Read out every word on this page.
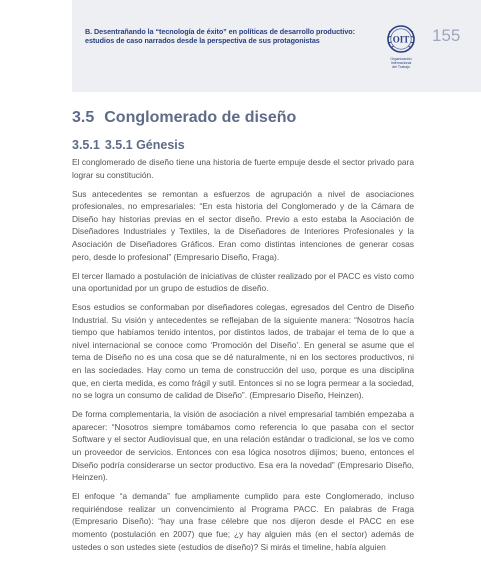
B. Desentrañando la “tecnología de éxito” en políticas de desarrollo productivo:
estudios de caso narrados desde la perspectiva de sus protagonistas	OIT
Organización
Internacional
del Trabajo
155
3.5 Conglomerado de diseño
3.5.1 3.5.1 Génesis

El conglomerado de diseño tiene una historia de fuerte empuje desde el sector privado para lograr su constitución.

Sus antecedentes se remontan a esfuerzos de agrupación a nivel de asociaciones profesionales, no empresariales: “En esta historia del Conglomerado y de la Cámara de Diseño hay historias previas en el sector diseño. Previo a esto estaba la Asociación de Diseñadores Industriales y Textiles, la de Diseñadores de Interiores Profesionales y la Asociación de Diseñadores Gráficos. Eran como distintas intenciones de generar cosas pero, desde lo profesional” (Empresario Diseño, Fraga).

El tercer llamado a postulación de iniciativas de clúster realizado por el PACC es visto como una oportunidad por un grupo de estudios de diseño.

Esos estudios se conformaban por diseñadores colegas, egresados del Centro de Diseño Industrial. Su visión y antecedentes se reflejaban de la siguiente manera: “Nosotros hacía tiempo que habíamos tenido intentos, por distintos lados, de trabajar el tema de lo que a nivel internacional se conoce como ‘Promoción del Diseño’. En general se asume que el tema de Diseño no es una cosa que se dé naturalmente, ni en los sectores productivos, ni en las sociedades. Hay como un tema de construcción del uso, porque es una disciplina que, en cierta medida, es como frágil y sutil. Entonces si no se logra permear a la sociedad, no se logra un consumo de calidad de Diseño”. (Empresario Diseño, Heinzen).

De forma complementaria, la visión de asociación a nivel empresarial también empezaba a aparecer: “Nosotros siempre tomábamos como referencia lo que pasaba con el sector Software y el sector Audiovisual que, en una relación estándar o tradicional, se los ve como un proveedor de servicios. Entonces con esa lógica nosotros dijimos; bueno, entonces el Diseño podría considerarse un sector productivo. Esa era la novedad” (Empresario Diseño, Heinzen).

El enfoque “a demanda” fue ampliamente cumplido para este Conglomerado, incluso requiriéndose realizar un convencimiento al Programa PACC. En palabras de Fraga (Empresario Diseño): “hay una frase célebre que nos dijeron desde el PACC en ese momento (postulación en 2007) que fue; ¿y hay alguien más (en el sector) además de ustedes o son ustedes siete (estudios de diseño)? Si mirás el timeline, había alguien
